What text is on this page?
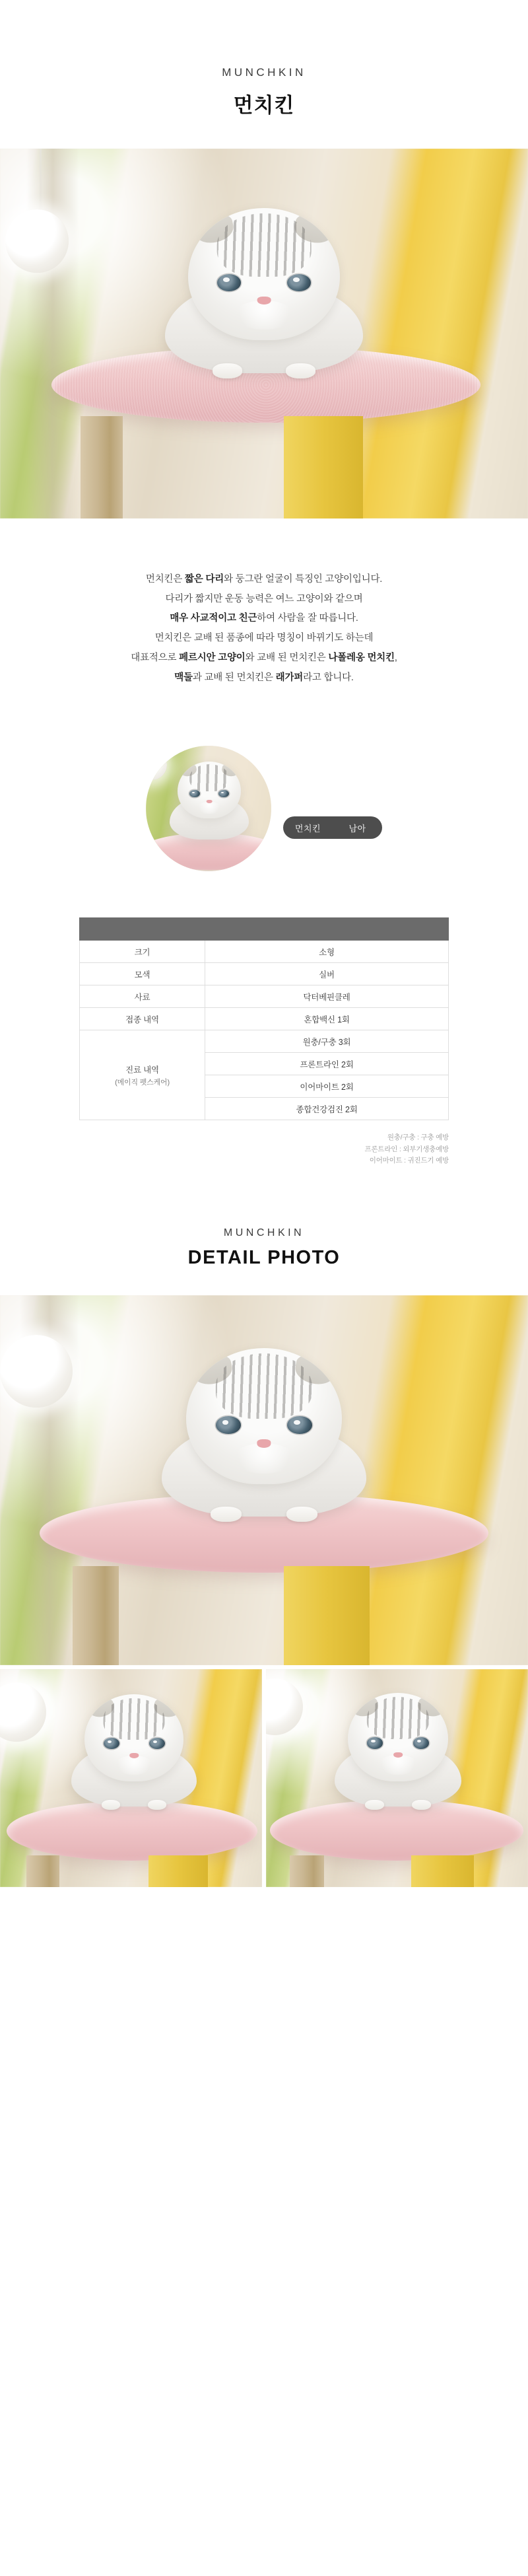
MUNCHKIN
먼치킨
먼치킨은 짧은 다리와 둥그란 얼굴이 특징인 고양이입니다.
다리가 짧지만 운동 능력은 여느 고양이와 같으며
매우 사교적이고 친근하여 사람을 잘 따릅니다.
먼치킨은 교배 된 품종에 따라 명칭이 바뀌기도 하는데
대표적으로 페르시안 고양이와 교배 된 먼치킨은 나폴레옹 먼치킨,
맥둘과 교배 된 먼치킨은 래가퍼라고 합니다.
먼치킨	남아

크기	소형
모색	실버
사료	닥터베핀클레
접종 내역	혼합백신 1회
진료 내역
(메이직 펫스케어)	원충/구충 3회
	프론트라인 2회
	이어마이트 2회
	종합건강검진 2회
원충/구충 : 구충 예방
프론트라인 : 외부기생충예방
이어마이트 : 귀진드기 예방
MUNCHKIN
DETAIL PHOTO
